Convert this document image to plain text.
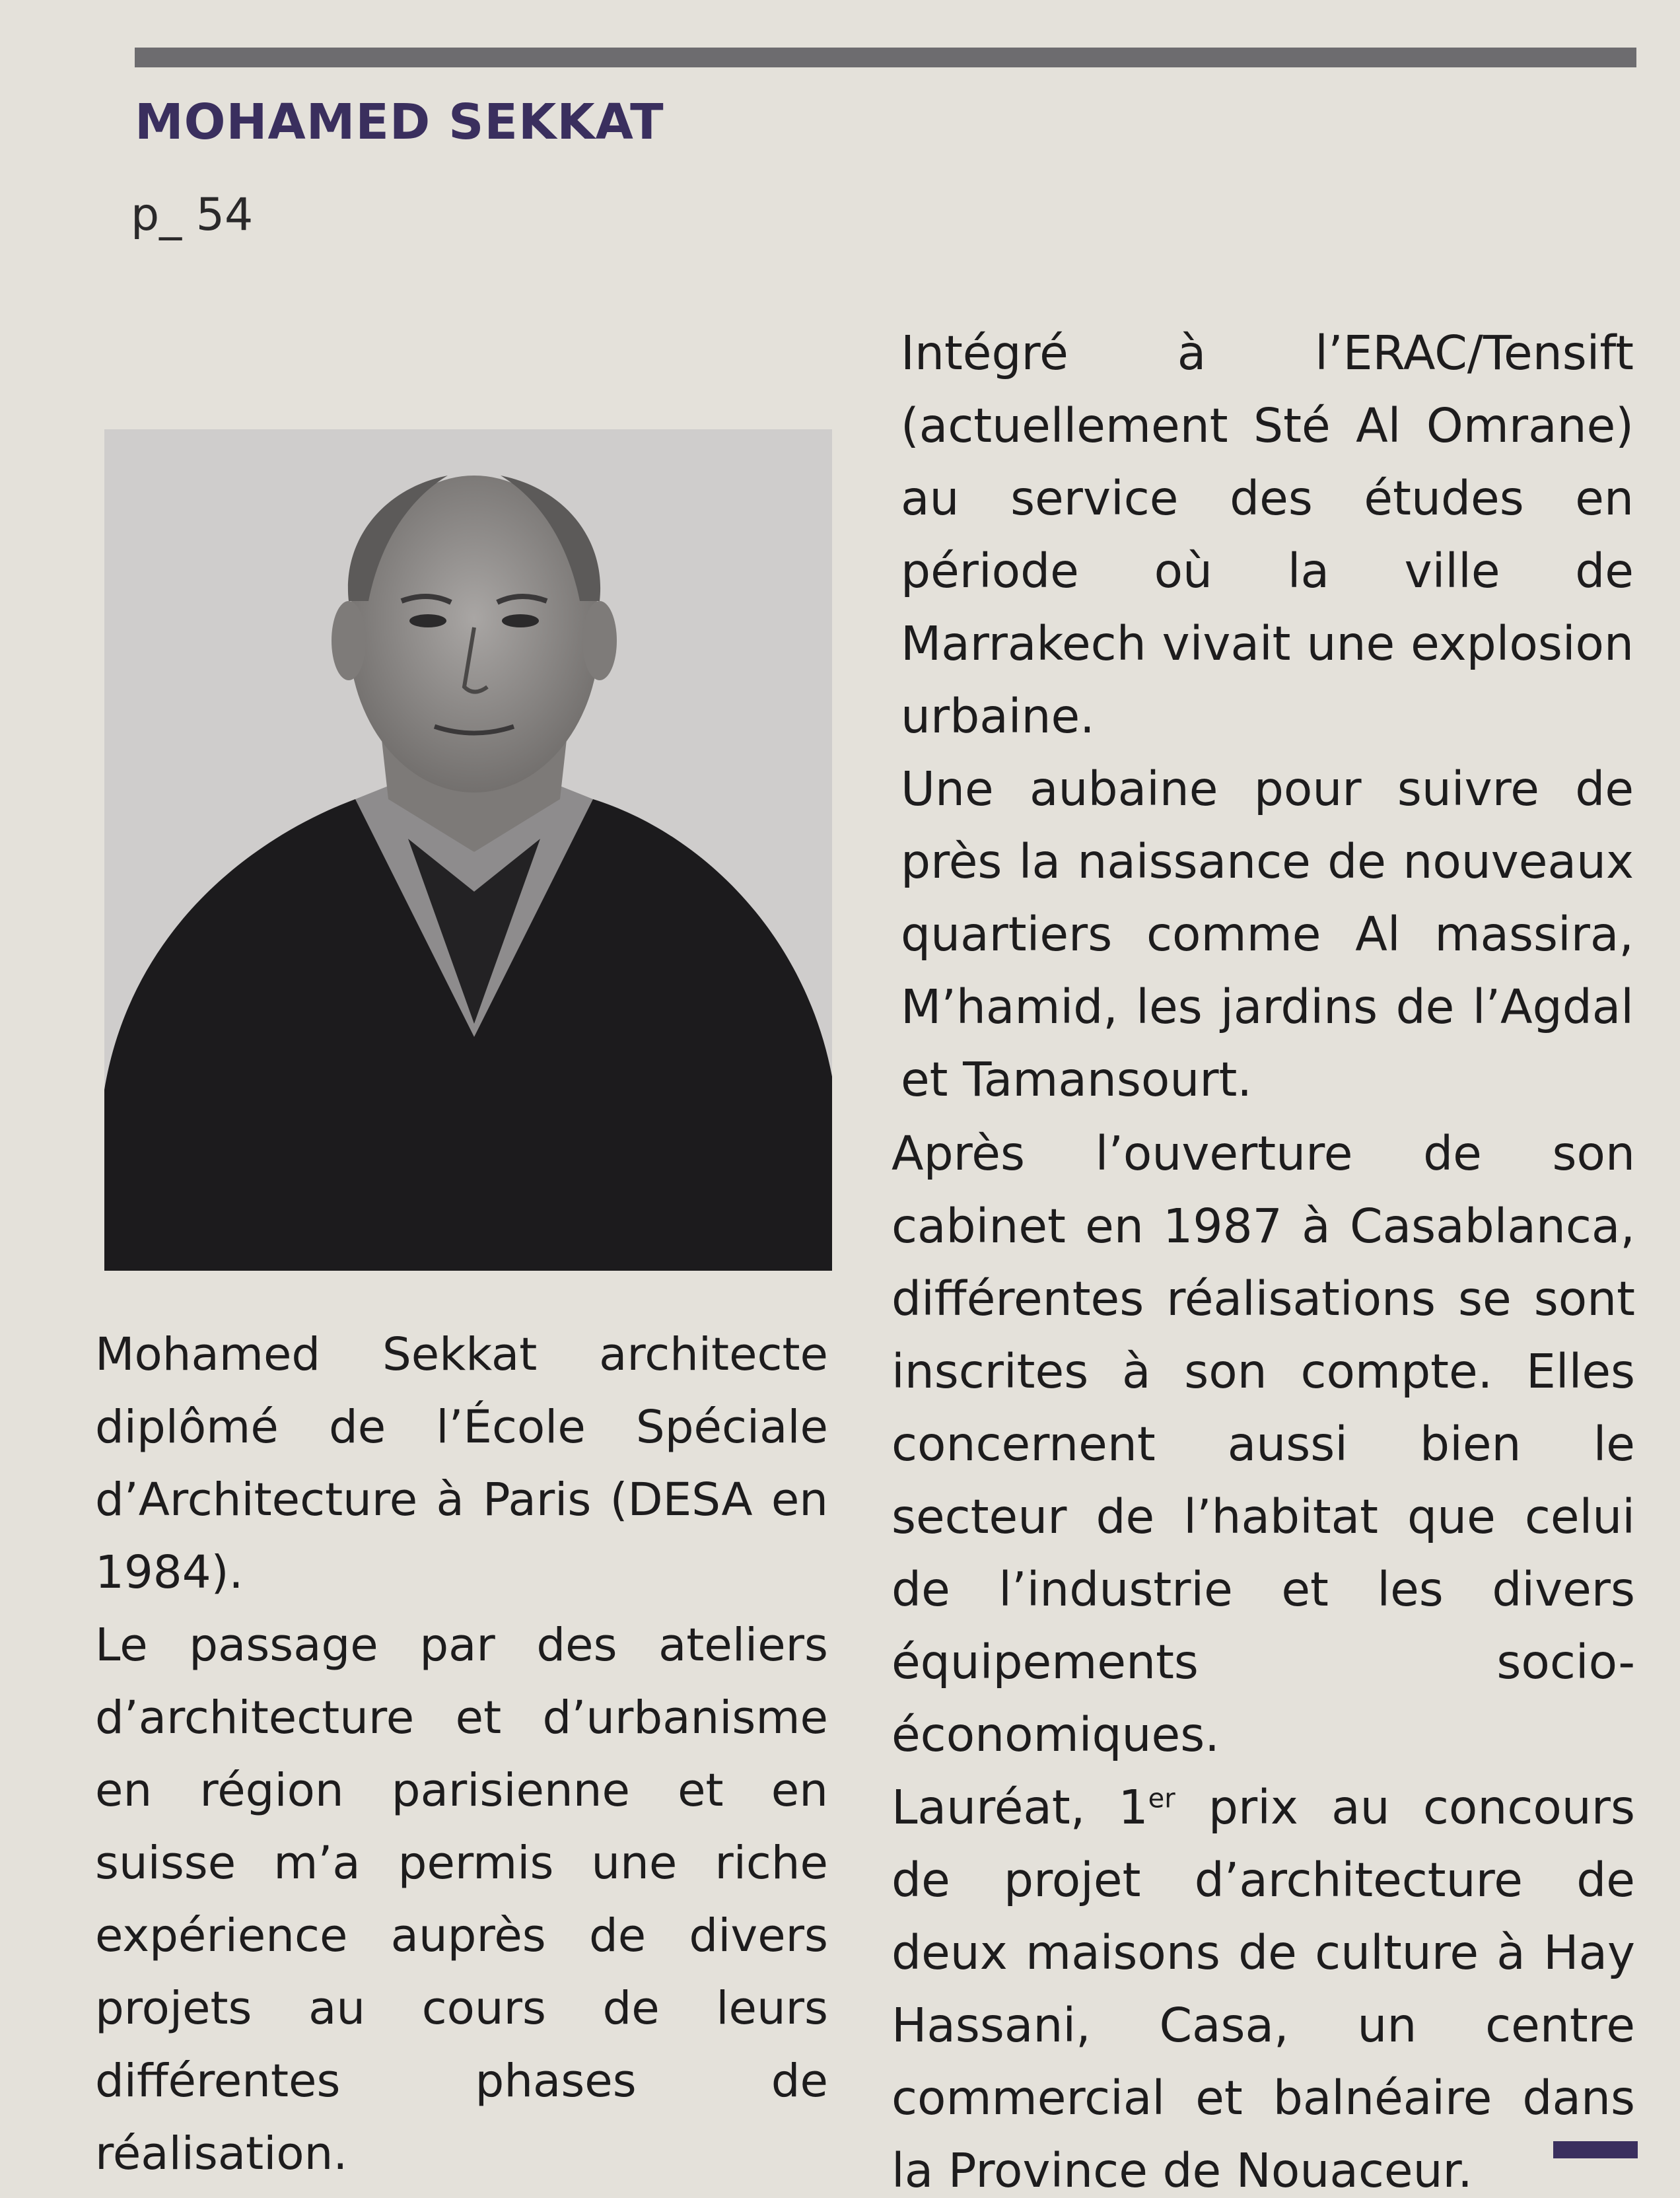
MOHAMED SEKKAT
p_ 54

Mohamed Sekkat architecte diplômé de l’École Spéciale d’Architecture à Paris (DESA en 1984).

Le passage par des ateliers d’architecture et d’urbanisme en région parisienne et en suisse m’a permis une riche expérience auprès de divers projets au cours de leurs différentes phases de réalisation.

Intégré à l’ERAC/Tensift (actuellement Sté Al Omrane) au service des études en période où la ville de Marrakech vivait une explosion urbaine.

Une aubaine pour suivre de près la naissance de nouveaux quartiers comme Al massira, M’hamid, les jardins de l’Agdal et Tamansourt.

Après l’ouverture de son cabinet en 1987 à Casablanca, différentes réalisations se sont inscrites à son compte. Elles concernent aussi bien le secteur de l’habitat que celui de l’industrie et les divers équipements socio-économiques.

Lauréat, 1er prix au concours de projet d’architecture de deux maisons de culture à Hay Hassani, Casa, un centre commercial et balnéaire dans la Province de Nouaceur.
